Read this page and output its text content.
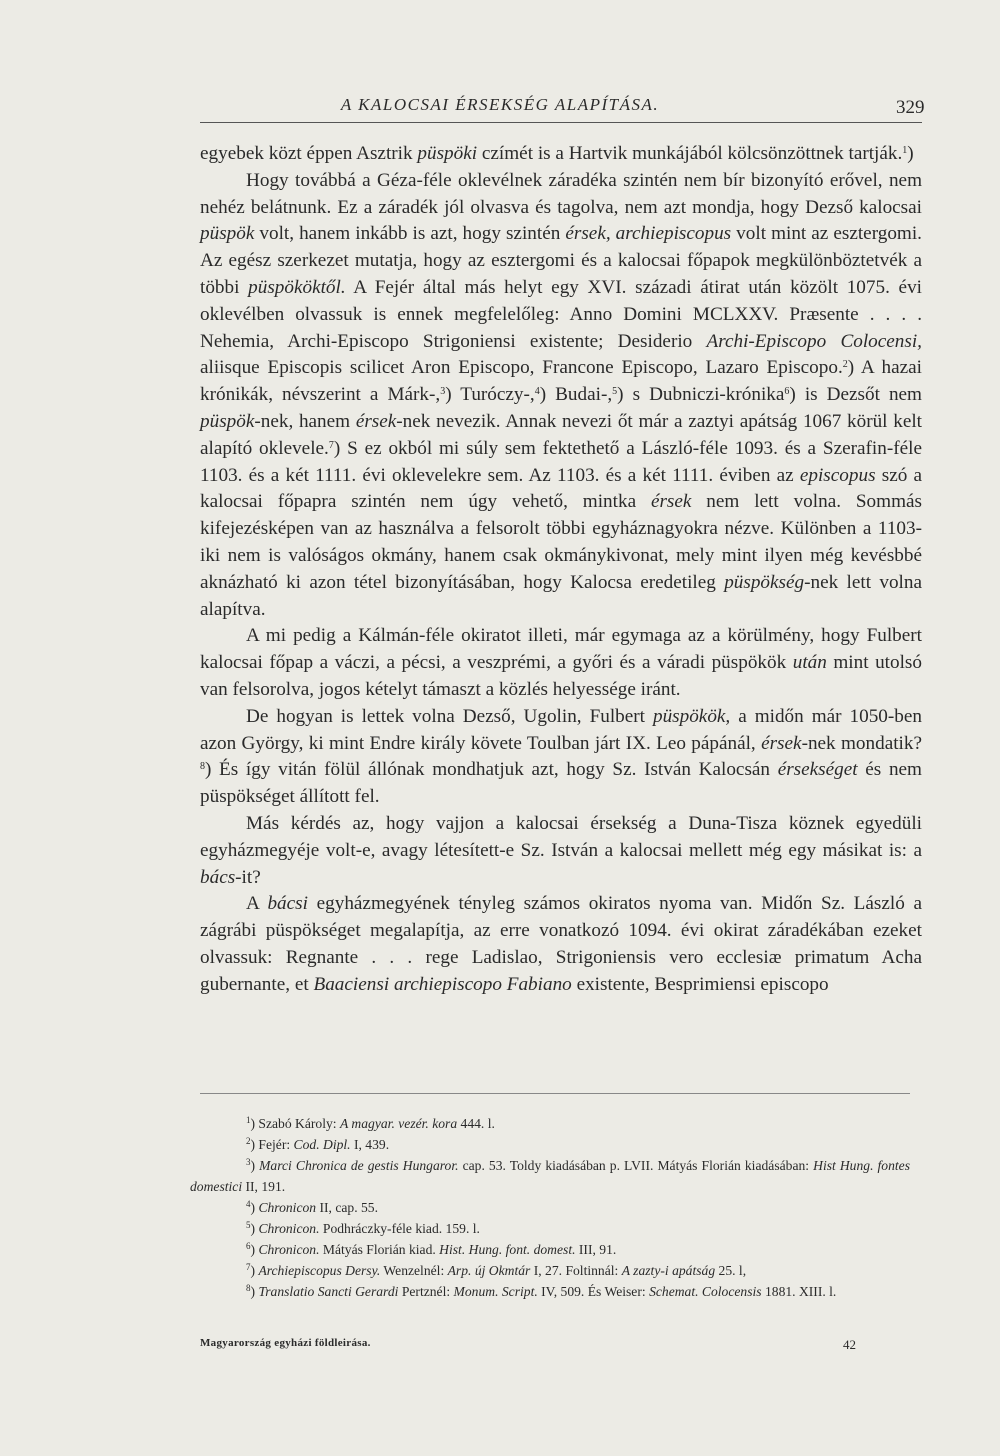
A KALOCSAI ÉRSEKSÉG ALAPÍTÁSA.	329

egyebek közt éppen Asztrik püspöki czímét is a Hartvik munkájából kölcsönzöttnek tartják.$^1$)

Hogy továbbá a Géza-féle oklevélnek záradéka szintén nem bír bizonyító erővel, nem nehéz belátnunk. Ez a záradék jól olvasva és tagolva, nem azt mondja, hogy Dezső kalocsai püspök volt, hanem inkább is azt, hogy szintén érsek, archiepiscopus volt mint az esztergomi. Az egész szerkezet mutatja, hogy az esztergomi és a kalocsai főpapok megkülönböztetvék a többi püspököktől. A Fejér által más helyt egy XVI. századi átirat után közölt 1075. évi oklevélben olvassuk is ennek megfelelőleg: Anno Domini MCLXXV. Præsente . . . . Nehemia, Archi-Episcopo Strigoniensi existente; Desiderio Archi-Episcopo Colocensi, aliisque Episcopis scilicet Aron Episcopo, Francone Episcopo, Lazaro Episcopo.$^2$) A hazai krónikák, névszerint a Márk-,$^3$) Turóczy-,$^4$) Budai-,$^5$) s Dubniczi-krónika$^6$) is Dezsőt nem püspök-nek, hanem érsek-nek nevezik. Annak nevezi őt már a zaztyi apátság 1067 körül kelt alapító oklevele.$^7$) S ez okból mi súly sem fektethető a László-féle 1093. és a Szerafin-féle 1103. és a két 1111. évi oklevelekre sem. Az 1103. és a két 1111. éviben az episcopus szó a kalocsai főpapra szintén nem úgy vehető, mintka érsek nem lett volna. Sommás kifejezésképen van az használva a felsorolt többi egyháznagyokra nézve. Különben a 1103-iki nem is valóságos okmány, hanem csak okmánykivonat, mely mint ilyen még kevésbbé aknázható ki azon tétel bizonyításában, hogy Kalocsa eredetileg püspökség-nek lett volna alapítva.

A mi pedig a Kálmán-féle okiratot illeti, már egymaga az a körülmény, hogy Fulbert kalocsai főpap a váczi, a pécsi, a veszprémi, a győri és a váradi püspökök után mint utolsó van felsorolva, jogos kételyt támaszt a közlés helyessége iránt.

De hogyan is lettek volna Dezső, Ugolin, Fulbert püspökök, a midőn már 1050-ben azon György, ki mint Endre király követe Toulban járt IX. Leo pápánál, érsek-nek mondatik?$^8$) És így vitán fölül állónak mondhatjuk azt, hogy Sz. István Kalocsán érsekséget és nem püspökséget állított fel.

Más kérdés az, hogy vajjon a kalocsai érsekség a Duna-Tisza köznek egyedüli egyházmegyéje volt-e, avagy létesített-e Sz. István a kalocsai mellett még egy másikat is: a bács-it?

A bácsi egyházmegyének tényleg számos okiratos nyoma van. Midőn Sz. László a zágrábi püspökséget megalapítja, az erre vonatkozó 1094. évi okirat záradékában ezeket olvassuk: Regnante . . . rege Ladislao, Strigoniensis vero ecclesiæ primatum Acha gubernante, et Baaciensi archiepiscopo Fabiano existente, Besprimiensi episcopo

$^1$) Szabó Károly: A magyar. vezér. kora 444. l.

$^2$) Fejér: Cod. Dipl. I, 439.

$^3$) Marci Chronica de gestis Hungaror. cap. 53. Toldy kiadásában p. LVII. Mátyás Florián kiadásában: Hist Hung. fontes domestici II, 191.

$^4$) Chronicon II, cap. 55.

$^5$) Chronicon. Podhráczky-féle kiad. 159. l.

$^6$) Chronicon. Mátyás Florián kiad. Hist. Hung. font. domest. III, 91.

$^7$) Archiepiscopus Dersy. Wenzelnél: Arp. új Okmtár I, 27. Foltinnál: A zazty-i apátság 25. l,

$^8$) Translatio Sancti Gerardi Pertznél: Monum. Script. IV, 509. És Weiser: Schemat. Colocensis 1881. XIII. l.

Magyarország egyházi földleirása.	42
